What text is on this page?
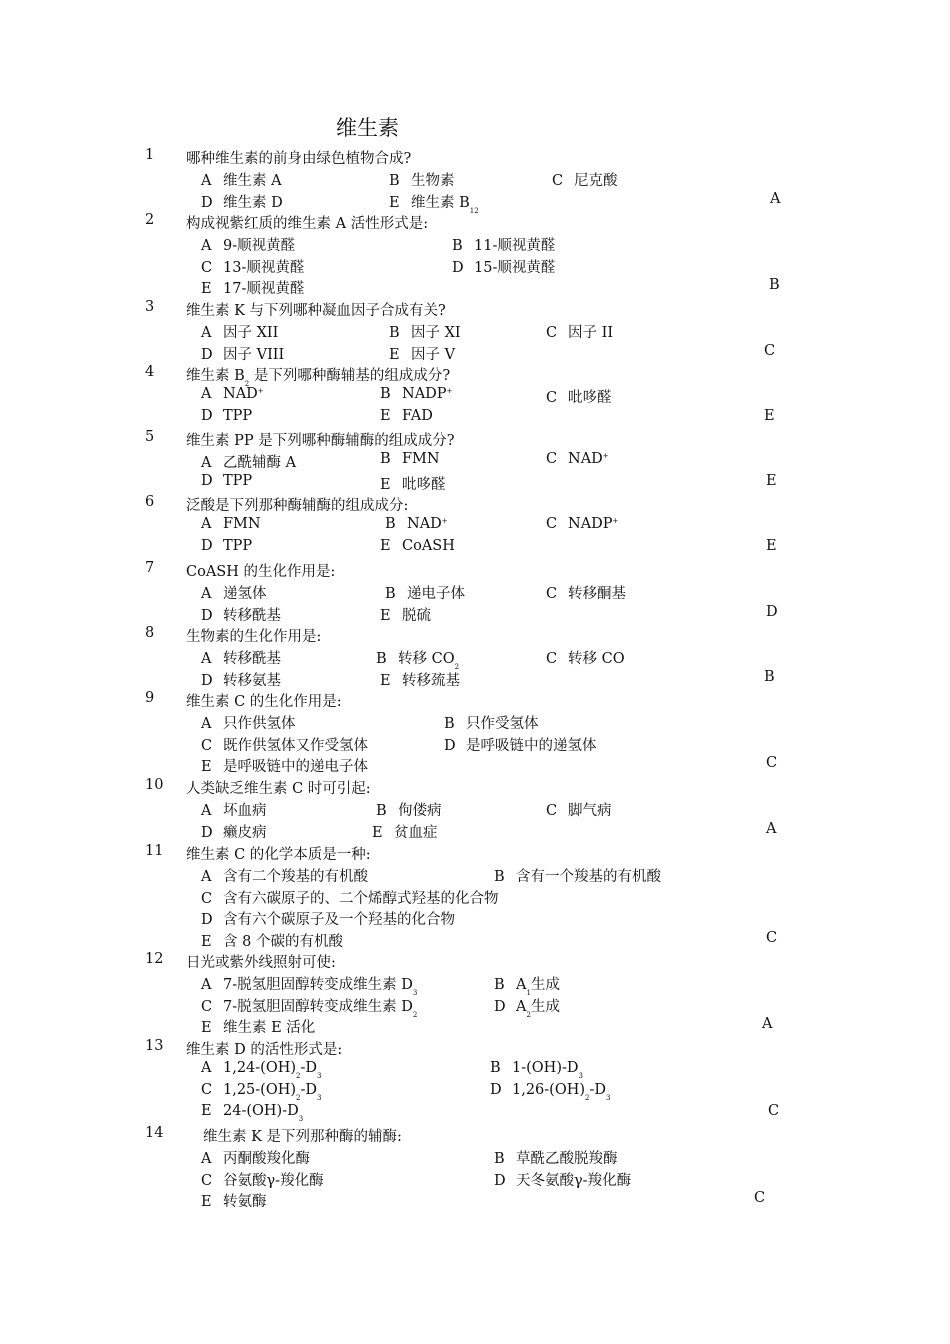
维生素
1 哪种维生素的前身由绿色植物合成?
A 维生素 A	B 生物素	C 尼克酸
D 维生素 D	E 维生素 $B_{12}$
A
2 构成视紫红质的维生素 A 活性形式是:
A 9-顺视黄醛	B 11-顺视黄醛
C 13-顺视黄醛	D 15-顺视黄醛
E 17-顺视黄醛	B
3 维生素 K 与下列哪种凝血因子合成有关?
A 因子 XII	B 因子 XI	C 因子 II
D 因子 VIII	E 因子 V	C
4 维生素 $B_2$ 是下列哪种酶辅基的组成成分?
A NAD+	B NADP+	C 吡哆醛
D TPP	E FAD	E
5 维生素 PP 是下列哪种酶辅酶的组成成分?
A 乙酰辅酶 A	B FMN	C NAD+
D TPP	E 吡哆醛	E
6 泛酸是下列那种酶辅酶的组成成分:
A FMN	B NAD+	C NADP+
D TPP	E CoASH	E
7 CoASH 的生化作用是:
A 递氢体	B 递电子体	C 转移酮基
D 转移酰基	E 脱硫	D
8 生物素的生化作用是:
A 转移酰基	B 转移 $CO_2$	C 转移 CO
D 转移氨基	E 转移巯基	B
9 维生素 C 的生化作用是:
A 只作供氢体	B 只作受氢体
C 既作供氢体又作受氢体	D 是呼吸链中的递氢体
E 是呼吸链中的递电子体	C
10 人类缺乏维生素 C 时可引起:
A 坏血病	B 佝偻病	C 脚气病
D 癞皮病	E 贫血症	A
11 维生素 C 的化学本质是一种:
A 含有二个羧基的有机酸	B 含有一个羧基的有机酸
C 含有六碳原子的、二个烯醇式羟基的化合物
D 含有六个碳原子及一个羟基的化合物
E 含 8 个碳的有机酸	C
12 日光或紫外线照射可使:
A 7-脱氢胆固醇转变成维生素 $D_3$	B $A_1$生成
C 7-脱氢胆固醇转变成维生素 $D_2$	D $A_2$生成
E 维生素 E 活化	A
13 维生素 D 的活性形式是:
A $1,24-(OH)_2-D_3$	B $1-(OH)-D_3$
C $1,25-(OH)_2-D_3$	D $1,26-(OH)_2-D_3$
E $24-(OH)-D_3$	C
14	维生素 K 是下列那种酶的辅酶:
A 丙酮酸羧化酶	B 草酰乙酸脱羧酶
C 谷氨酸γ-羧化酶	D 天冬氨酸γ-羧化酶
E 转氨酶	C
